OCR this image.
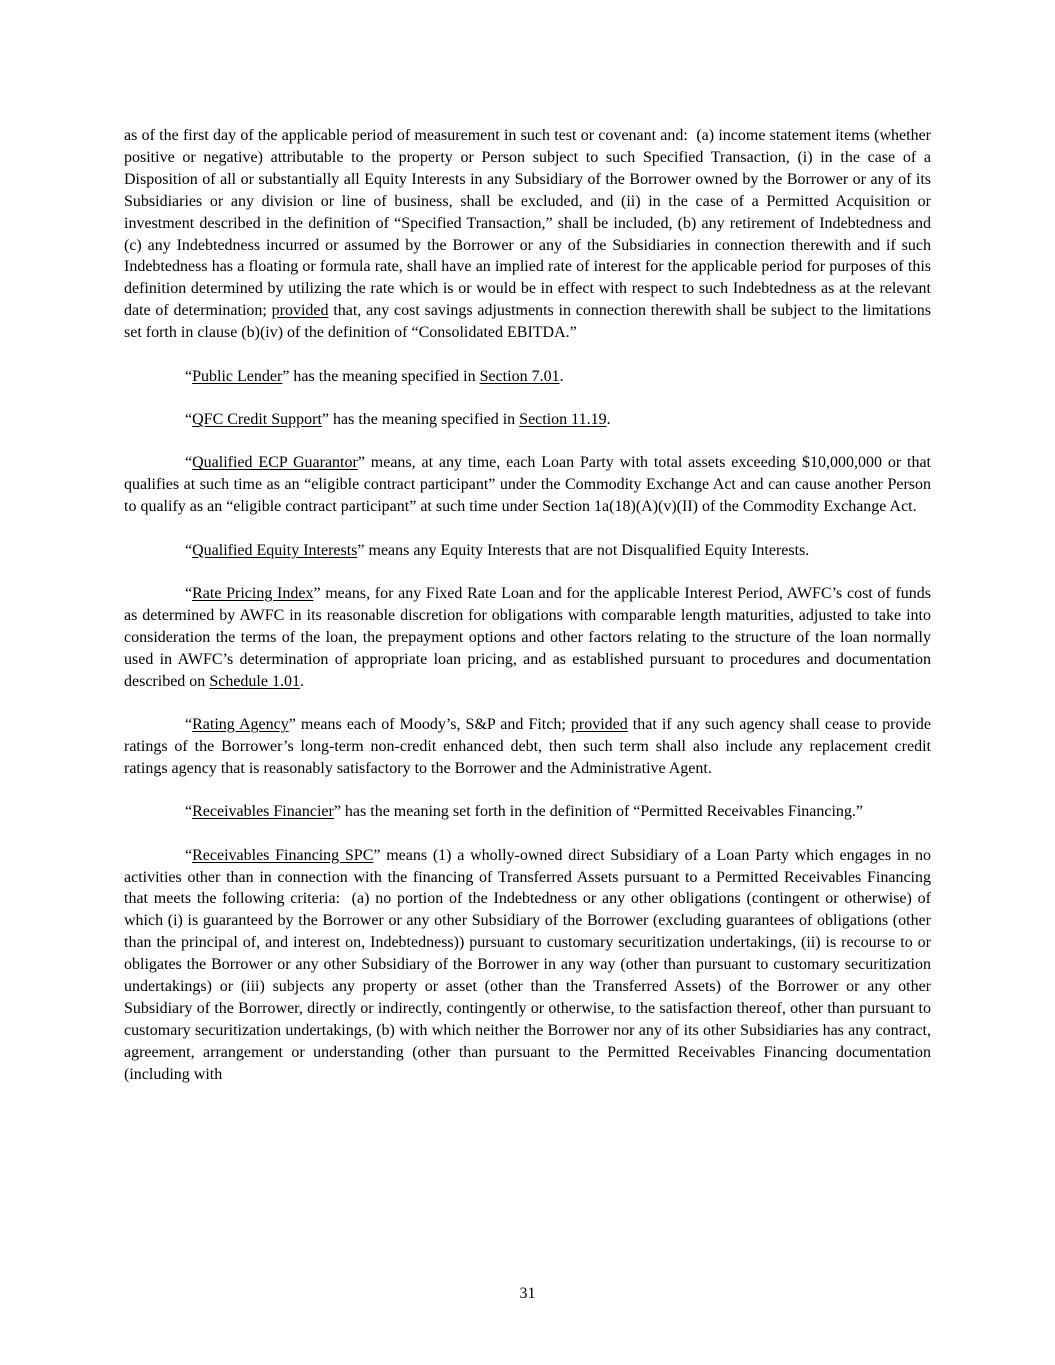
as of the first day of the applicable period of measurement in such test or covenant and:  (a) income statement items (whether positive or negative) attributable to the property or Person subject to such Specified Transaction, (i) in the case of a Disposition of all or substantially all Equity Interests in any Subsidiary of the Borrower owned by the Borrower or any of its Subsidiaries or any division or line of business, shall be excluded, and (ii) in the case of a Permitted Acquisition or investment described in the definition of “Specified Transaction,” shall be included, (b) any retirement of Indebtedness and (c) any Indebtedness incurred or assumed by the Borrower or any of the Subsidiaries in connection therewith and if such Indebtedness has a floating or formula rate, shall have an implied rate of interest for the applicable period for purposes of this definition determined by utilizing the rate which is or would be in effect with respect to such Indebtedness as at the relevant date of determination; provided that, any cost savings adjustments in connection therewith shall be subject to the limitations set forth in clause (b)(iv) of the definition of “Consolidated EBITDA.”

“Public Lender” has the meaning specified in Section 7.01.

“QFC Credit Support” has the meaning specified in Section 11.19.

“Qualified ECP Guarantor” means, at any time, each Loan Party with total assets exceeding $10,000,000 or that qualifies at such time as an “eligible contract participant” under the Commodity Exchange Act and can cause another Person to qualify as an “eligible contract participant” at such time under Section 1a(18)(A)(v)(II) of the Commodity Exchange Act.

“Qualified Equity Interests” means any Equity Interests that are not Disqualified Equity Interests.

“Rate Pricing Index” means, for any Fixed Rate Loan and for the applicable Interest Period, AWFC’s cost of funds as determined by AWFC in its reasonable discretion for obligations with comparable length maturities, adjusted to take into consideration the terms of the loan, the prepayment options and other factors relating to the structure of the loan normally used in AWFC’s determination of appropriate loan pricing, and as established pursuant to procedures and documentation described on Schedule 1.01.

“Rating Agency” means each of Moody’s, S&P and Fitch; provided that if any such agency shall cease to provide ratings of the Borrower’s long-term non-credit enhanced debt, then such term shall also include any replacement credit ratings agency that is reasonably satisfactory to the Borrower and the Administrative Agent.

“Receivables Financier” has the meaning set forth in the definition of “Permitted Receivables Financing.”

“Receivables Financing SPC” means (1) a wholly-owned direct Subsidiary of a Loan Party which engages in no activities other than in connection with the financing of Transferred Assets pursuant to a Permitted Receivables Financing that meets the following criteria:  (a) no portion of the Indebtedness or any other obligations (contingent or otherwise) of which (i) is guaranteed by the Borrower or any other Subsidiary of the Borrower (excluding guarantees of obligations (other than the principal of, and interest on, Indebtedness)) pursuant to customary securitization undertakings, (ii) is recourse to or obligates the Borrower or any other Subsidiary of the Borrower in any way (other than pursuant to customary securitization undertakings) or (iii) subjects any property or asset (other than the Transferred Assets) of the Borrower or any other Subsidiary of the Borrower, directly or indirectly, contingently or otherwise, to the satisfaction thereof, other than pursuant to customary securitization undertakings, (b) with which neither the Borrower nor any of its other Subsidiaries has any contract, agreement, arrangement or understanding (other than pursuant to the Permitted Receivables Financing documentation (including with

31
